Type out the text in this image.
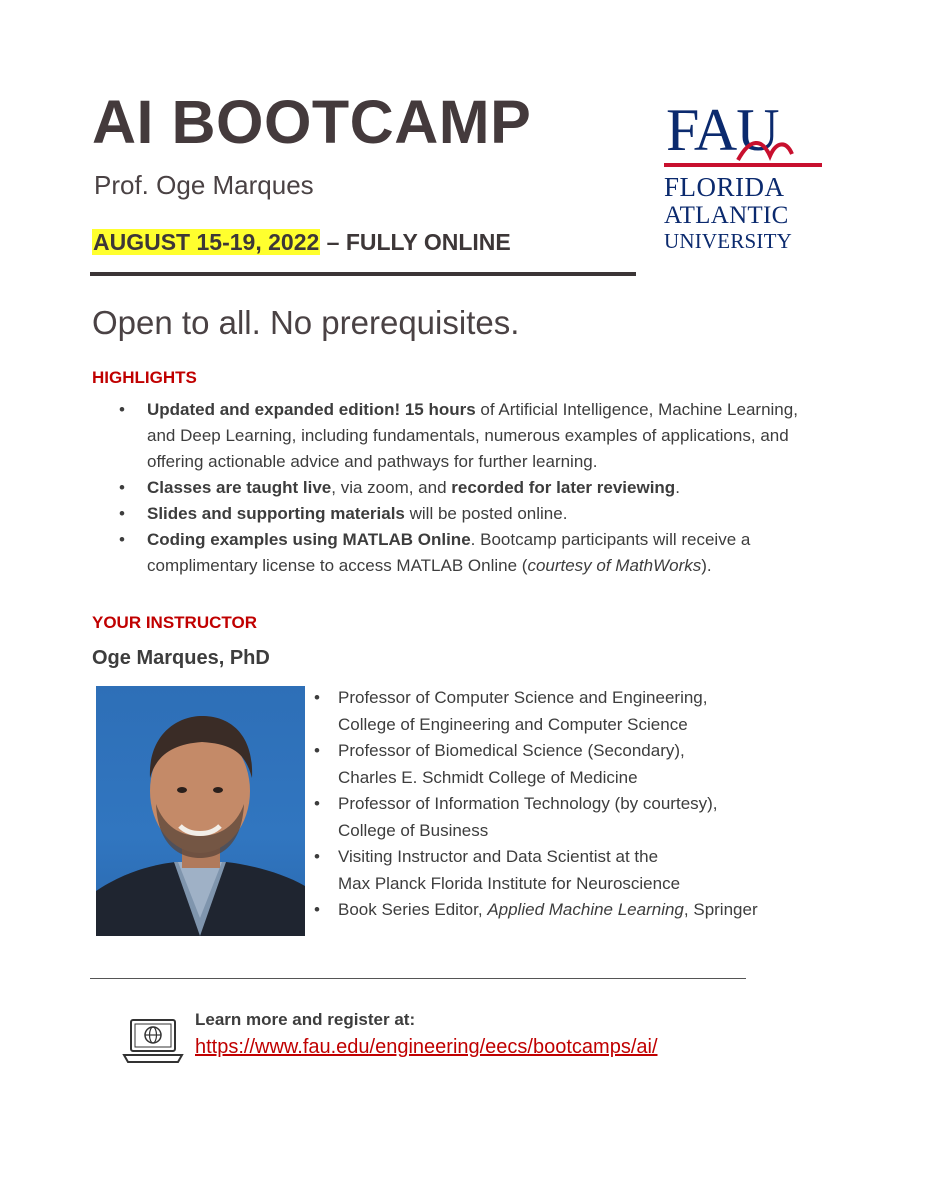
AI BOOTCAMP
Prof. Oge Marques
AUGUST 15-19, 2022 – FULLY ONLINE
FAU
FLORIDA
ATLANTIC
UNIVERSITY
Open to all. No prerequisites.
HIGHLIGHTS
• Updated and expanded edition! 15 hours of Artificial Intelligence, Machine Learning, and Deep Learning, including fundamentals, numerous examples of applications, and offering actionable advice and pathways for further learning.
• Classes are taught live, via zoom, and recorded for later reviewing.
• Slides and supporting materials will be posted online.
• Coding examples using MATLAB Online. Bootcamp participants will receive a complimentary license to access MATLAB Online (courtesy of MathWorks).
YOUR INSTRUCTOR
Oge Marques, PhD
• Professor of Computer Science and Engineering,
College of Engineering and Computer Science
• Professor of Biomedical Science (Secondary),
Charles E. Schmidt College of Medicine
• Professor of Information Technology (by courtesy),
College of Business
• Visiting Instructor and Data Scientist at the
Max Planck Florida Institute for Neuroscience
• Book Series Editor, Applied Machine Learning, Springer
Learn more and register at:
https://www.fau.edu/engineering/eecs/bootcamps/ai/
